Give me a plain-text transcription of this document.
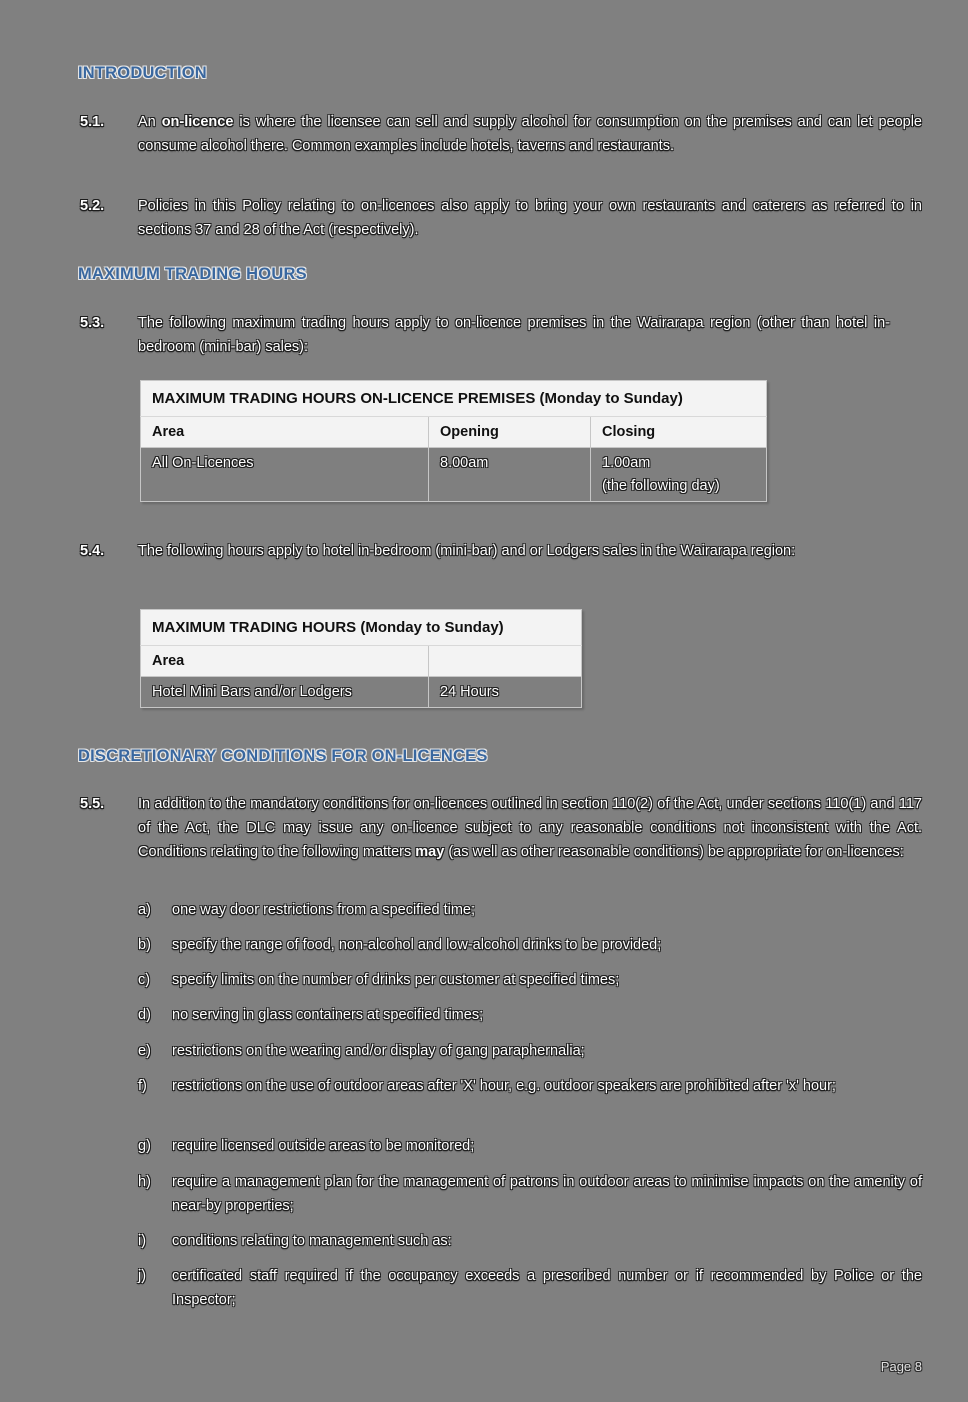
INTRODUCTION
5.1.	An on-licence is where the licensee can sell and supply alcohol for consumption on the premises and can let people consume alcohol there. Common examples include hotels, taverns and restaurants.
5.2.	Policies in this Policy relating to on-licences also apply to bring your own restaurants and caterers as referred to in sections 37 and 28 of the Act (respectively).
MAXIMUM TRADING HOURS
5.3.	The following maximum trading hours apply to on-licence premises in the Wairarapa region (other than hotel in-bedroom (mini-bar) sales):
MAXIMUM TRADING HOURS ON-LICENCE PREMISES (Monday to Sunday)		
Area	Opening	Closing
All On-Licences	8.00am	1.00am
(the following day)
5.4.	The following hours apply to hotel in-bedroom (mini-bar) and or Lodgers sales in the Wairarapa region:
MAXIMUM TRADING HOURS (Monday to Sunday)	
Area	
Hotel Mini Bars and/or Lodgers	24 Hours
DISCRETIONARY CONDITIONS FOR ON-LICENCES
5.5.	In addition to the mandatory conditions for on-licences outlined in section 110(2) of the Act, under sections 110(1) and 117 of the Act, the DLC may issue any on-licence subject to any reasonable conditions not inconsistent with the Act. Conditions relating to the following matters may (as well as other reasonable conditions) be appropriate for on-licences:
a)	one way door restrictions from a specified time;
b)	specify the range of food, non-alcohol and low-alcohol drinks to be provided;
c)	specify limits on the number of drinks per customer at specified times;
d)	no serving in glass containers at specified times;
e)	restrictions on the wearing and/or display of gang paraphernalia;
f)	restrictions on the use of outdoor areas after 'X' hour, e.g. outdoor speakers are prohibited after 'x' hour;
g)	require licensed outside areas to be monitored;
h)	require a management plan for the management of patrons in outdoor areas to minimise impacts on the amenity of near-by properties;
i)	conditions relating to management such as:
j)	certificated staff required if the occupancy exceeds a prescribed number or if recommended by Police or the Inspector;
Page 8
